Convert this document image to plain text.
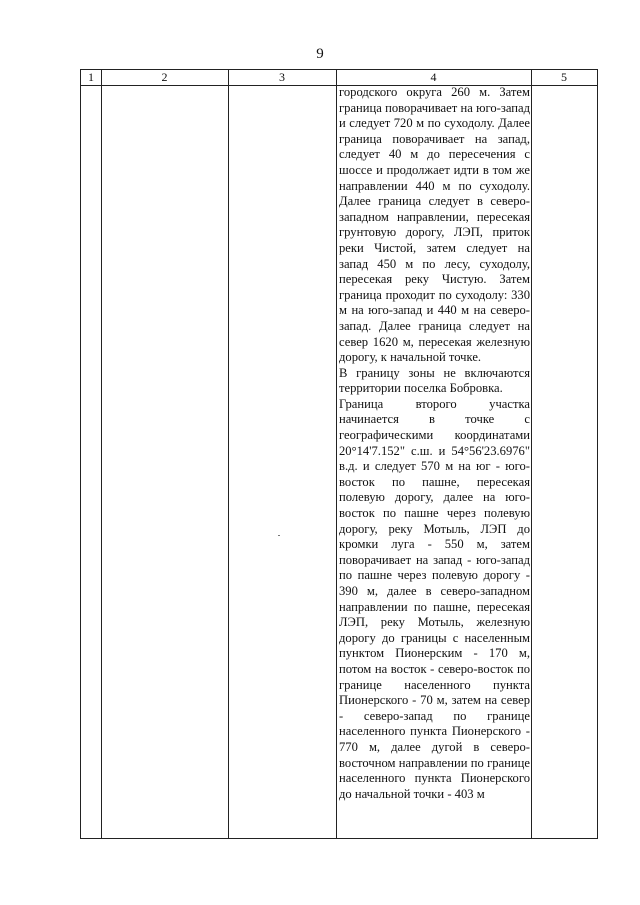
9
1	2	3	4	5

городского округа 260 м. Затем граница поворачивает на юго-запад и следует 720 м по суходолу. Далее граница поворачивает на запад, следует 40 м до пересечения с шоссе и продолжает идти в том же направлении 440 м по суходолу. Далее граница следует в северо-западном направлении, пересекая грунтовую дорогу, ЛЭП, приток реки Чистой, затем следует на запад 450 м по лесу, суходолу, пересекая реку Чистую. Затем граница проходит по суходолу: 330 м на юго-запад и 440 м на северо-запад. Далее граница следует на север 1620 м, пересекая железную дорогу, к начальной точке.

В границу зоны не включаются территории поселка Бобровка.

Граница второго участка начинается в точке с географическими координатами 20°14'7.152" с.ш. и 54°56'23.6976" в.д. и следует 570 м на юг - юго-восток по пашне, пересекая полевую дорогу, далее на юго-восток по пашне через полевую дорогу, реку Мотыль, ЛЭП до кромки луга - 550 м, затем поворачивает на запад - юго-запад по пашне через полевую дорогу - 390 м, далее в северо-западном направлении по пашне, пересекая ЛЭП, реку Мотыль, железную дорогу до границы с населенным пунктом Пионерским - 170 м, потом на восток - северо-восток по границе населенного пункта Пионерского - 70 м, затем на север - северо-запад по границе населенного пункта Пионерского - 770 м, далее дугой в северо-восточном направлении по границе населенного пункта Пионерского до начальной точки - 403 м
